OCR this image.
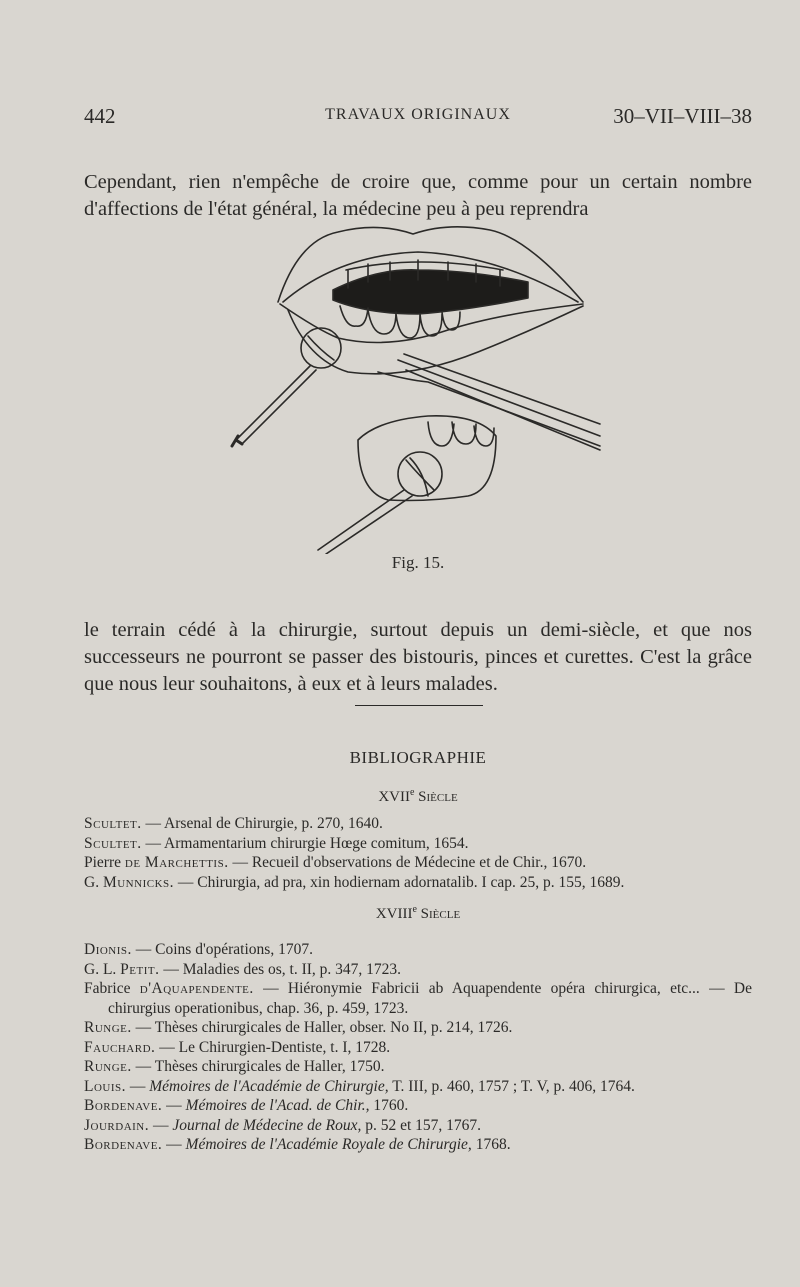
442	TRAVAUX ORIGINAUX	30–VII–VIII–38

Cependant, rien n'empêche de croire que, comme pour un certain nombre d'affections de l'état général, la médecine peu à peu reprendra

Fig. 15.

le terrain cédé à la chirurgie, surtout depuis un demi-siècle, et que nos successeurs ne pourront se passer des bistouris, pinces et curettes. C'est la grâce que nous leur souhaitons, à eux et à leurs malades.

BIBLIOGRAPHIE
XVIIe Siècle

Scultet. — Arsenal de Chirurgie, p. 270, 1640.

Scultet. — Armamentarium chirurgie Hœge comitum, 1654.

Pierre de Marchettis. — Recueil d'observations de Médecine et de Chir., 1670.

G. Munnicks. — Chirurgia, ad pra, xin hodiernam adornatalib. I cap. 25, p. 155, 1689.

XVIIIe Siècle

Dionis. — Coins d'opérations, 1707.

G. L. Petit. — Maladies des os, t. II, p. 347, 1723.

Fabrice d'Aquapendente. — Hiéronymie Fabricii ab Aquapendente opéra chirurgica, etc... — De chirurgius operationibus, chap. 36, p. 459, 1723.

Runge. — Thèses chirurgicales de Haller, obser. No II, p. 214, 1726.

Fauchard. — Le Chirurgien-Dentiste, t. I, 1728.

Runge. — Thèses chirurgicales de Haller, 1750.

Louis. — Mémoires de l'Académie de Chirurgie, T. III, p. 460, 1757 ; T. V, p. 406, 1764.

Bordenave. — Mémoires de l'Acad. de Chir., 1760.

Jourdain. — Journal de Médecine de Roux, p. 52 et 157, 1767.

Bordenave. — Mémoires de l'Académie Royale de Chirurgie, 1768.
